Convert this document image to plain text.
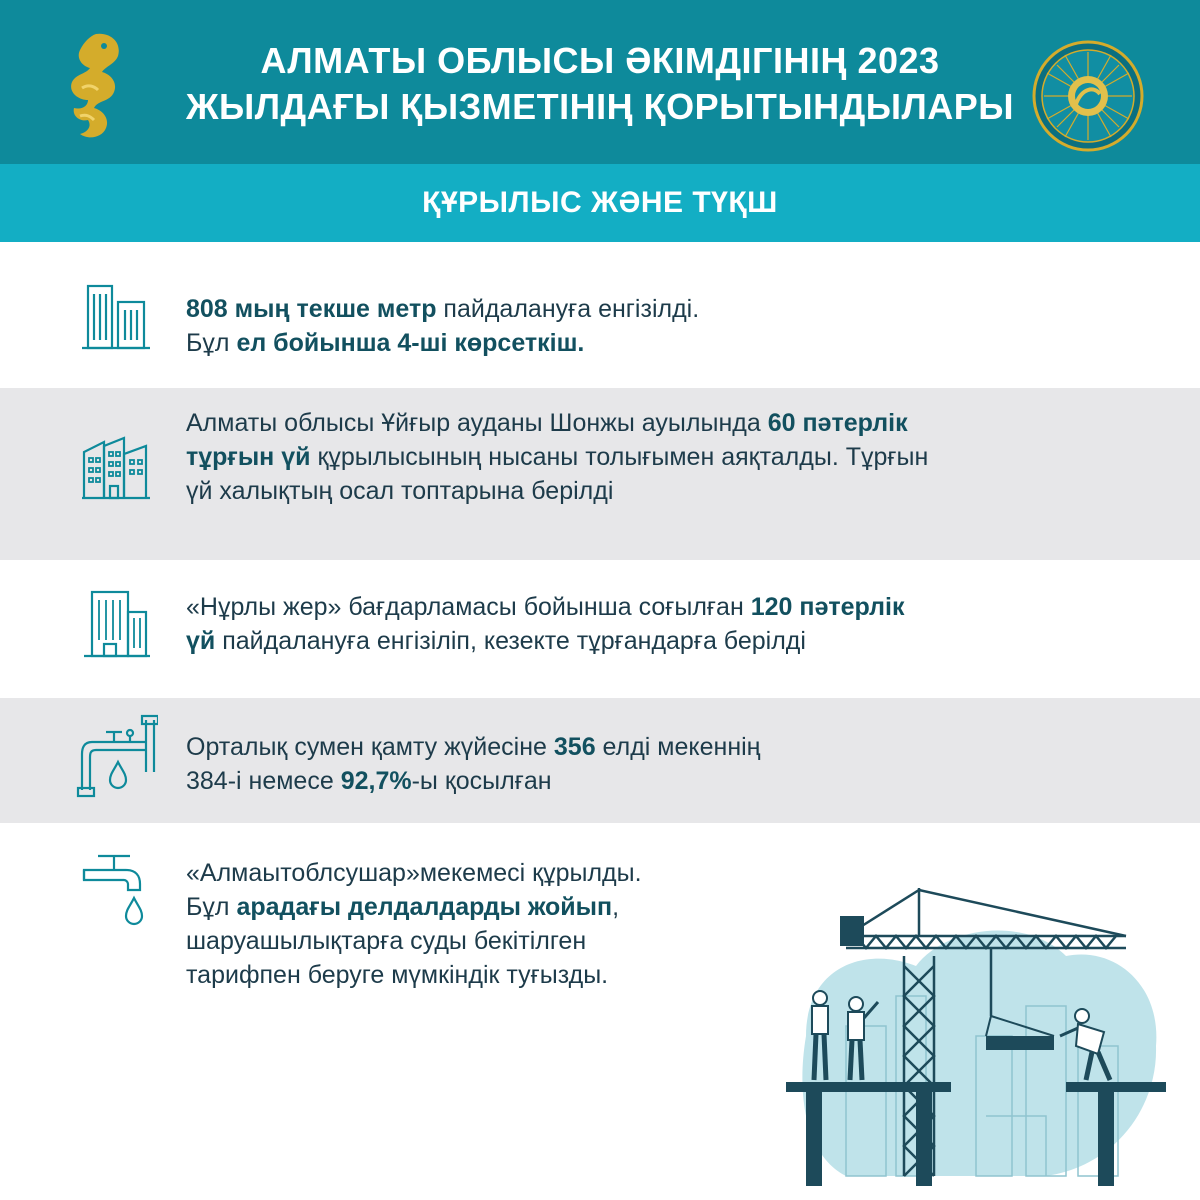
АЛМАТЫ ОБЛЫСЫ ӘКІМДІГІНІҢ 2023
ЖЫЛДАҒЫ ҚЫЗМЕТІНІҢ ҚОРЫТЫНДЫЛАРЫ
ҚҰРЫЛЫС ЖӘНЕ ТҮҚШ
808 мың текше метр пайдалануға енгізілді.
Бұл ел бойынша 4-ші көрсеткіш.
Алматы облысы Ұйғыр ауданы Шонжы ауылында 60 пәтерлік
тұрғын үй құрылысының нысаны толығымен аяқталды. Тұрғын
үй халықтың осал топтарына берілді
«Нұрлы жер» бағдарламасы бойынша соғылған 120 пәтерлік
үй пайдалануға енгізіліп, кезекте тұрғандарға берілді
Орталық сумен қамту жүйесіне 356 елді мекеннің
384-і немесе 92,7%-ы қосылған
«Алмаытоблсушар»мекемесі құрылды.
Бұл арадағы делдалдарды жойып,
шаруашылықтарға суды бекітілген
тарифпен беруге мүмкіндік туғызды.
